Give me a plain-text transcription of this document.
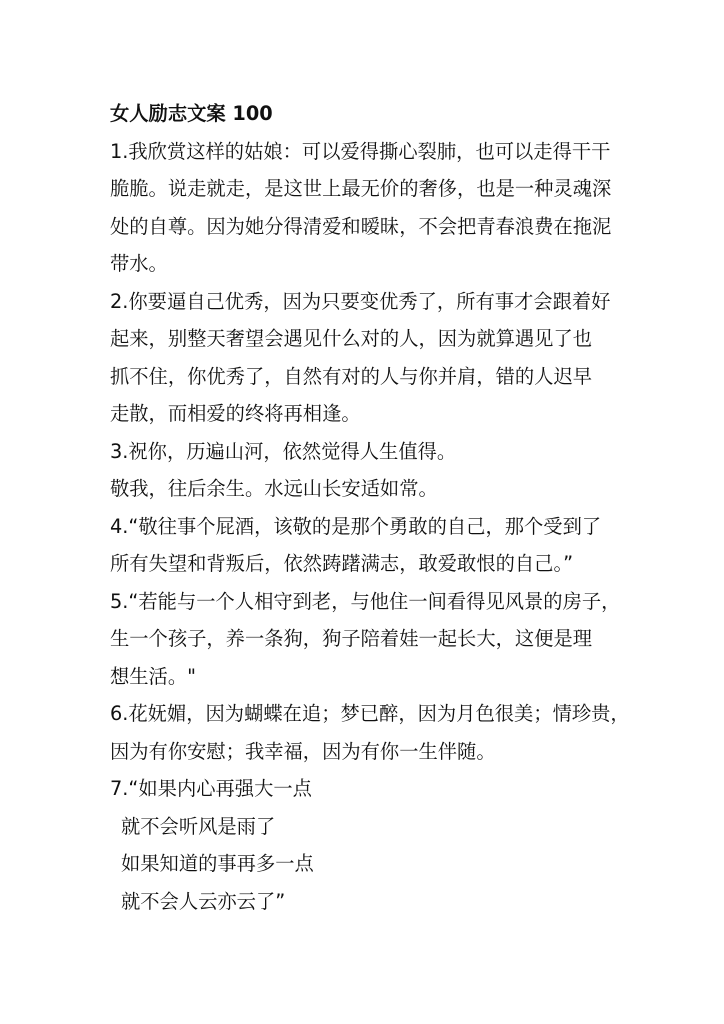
女人励志文案 100
1.我欣赏这样的姑娘：可以爱得撕心裂肺，也可以走得干干
脆脆。说走就走，是这世上最无价的奢侈，也是一种灵魂深
处的自尊。因为她分得清爱和暧昧，不会把青春浪费在拖泥
带水。
2.你要逼自己优秀，因为只要变优秀了，所有事才会跟着好
起来，别整天奢望会遇见什么对的人，因为就算遇见了也
抓不住，你优秀了，自然有对的人与你并肩，错的人迟早
走散，而相爱的终将再相逢。
3.祝你，历遍山河，依然觉得人生值得。
敬我，往后余生。水远山长安适如常。
4.“敬往事个屁酒，该敬的是那个勇敢的自己，那个受到了
所有失望和背叛后，依然踌躇满志，敢爱敢恨的自己。”
5.“若能与一个人相守到老，与他住一间看得见风景的房子，
生一个孩子，养一条狗，狗子陪着娃一起长大，这便是理
想生活。"
6.花妩媚，因为蝴蝶在追；梦已醉，因为月色很美；情珍贵，
因为有你安慰；我幸福，因为有你一生伴随。
7.“如果内心再强大一点
就不会听风是雨了
如果知道的事再多一点
就不会人云亦云了”
